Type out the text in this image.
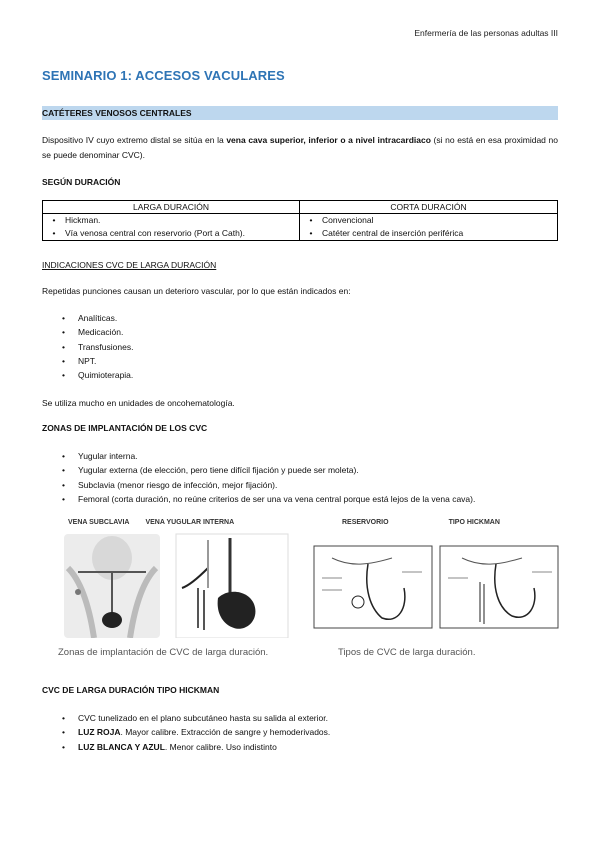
Enfermería de las personas adultas III
SEMINARIO 1: ACCESOS VACULARES
CATÉTERES VENOSOS CENTRALES
Dispositivo IV cuyo extremo distal se sitúa en la vena cava superior, inferior o a nivel intracardiaco (si no está en esa proximidad no se puede denominar CVC).
SEGÚN DURACIÓN
LARGA DURACIÓN	CORTA DURACIÓN

• Hickman.	• Convencional

• Vía venosa central con reservorio (Port a Cath).	• Catéter central de inserción periférica
INDICACIONES CVC DE LARGA DURACIÓN
Repetidas punciones causan un deterioro vascular, por lo que están indicados en:
•	Analíticas.
•	Medicación.
•	Transfusiones.
•	NPT.
•	Quimioterapia.
Se utiliza mucho en unidades de oncohematología.
ZONAS DE IMPLANTACIÓN DE LOS CVC
•	Yugular interna.
•	Yugular externa (de elección, pero tiene difícil fijación y puede ser moleta).
•	Subclavia (menor riesgo de infección, mejor fijación).
•	Femoral (corta duración, no reúne criterios de ser una va vena central porque está lejos de la vena cava).
VENA SUBCLAVIA VENA YUGULAR INTERNA
Zonas de implantación de CVC de larga duración.
RESERVORIO	TIPO HICKMAN
Tipos de CVC de larga duración.
CVC DE LARGA DURACIÓN TIPO HICKMAN
•	CVC tunelizado en el plano subcutáneo hasta su salida al exterior.
•	LUZ ROJA. Mayor calibre. Extracción de sangre y hemoderivados.
•	LUZ BLANCA Y AZUL. Menor calibre. Uso indistinto
